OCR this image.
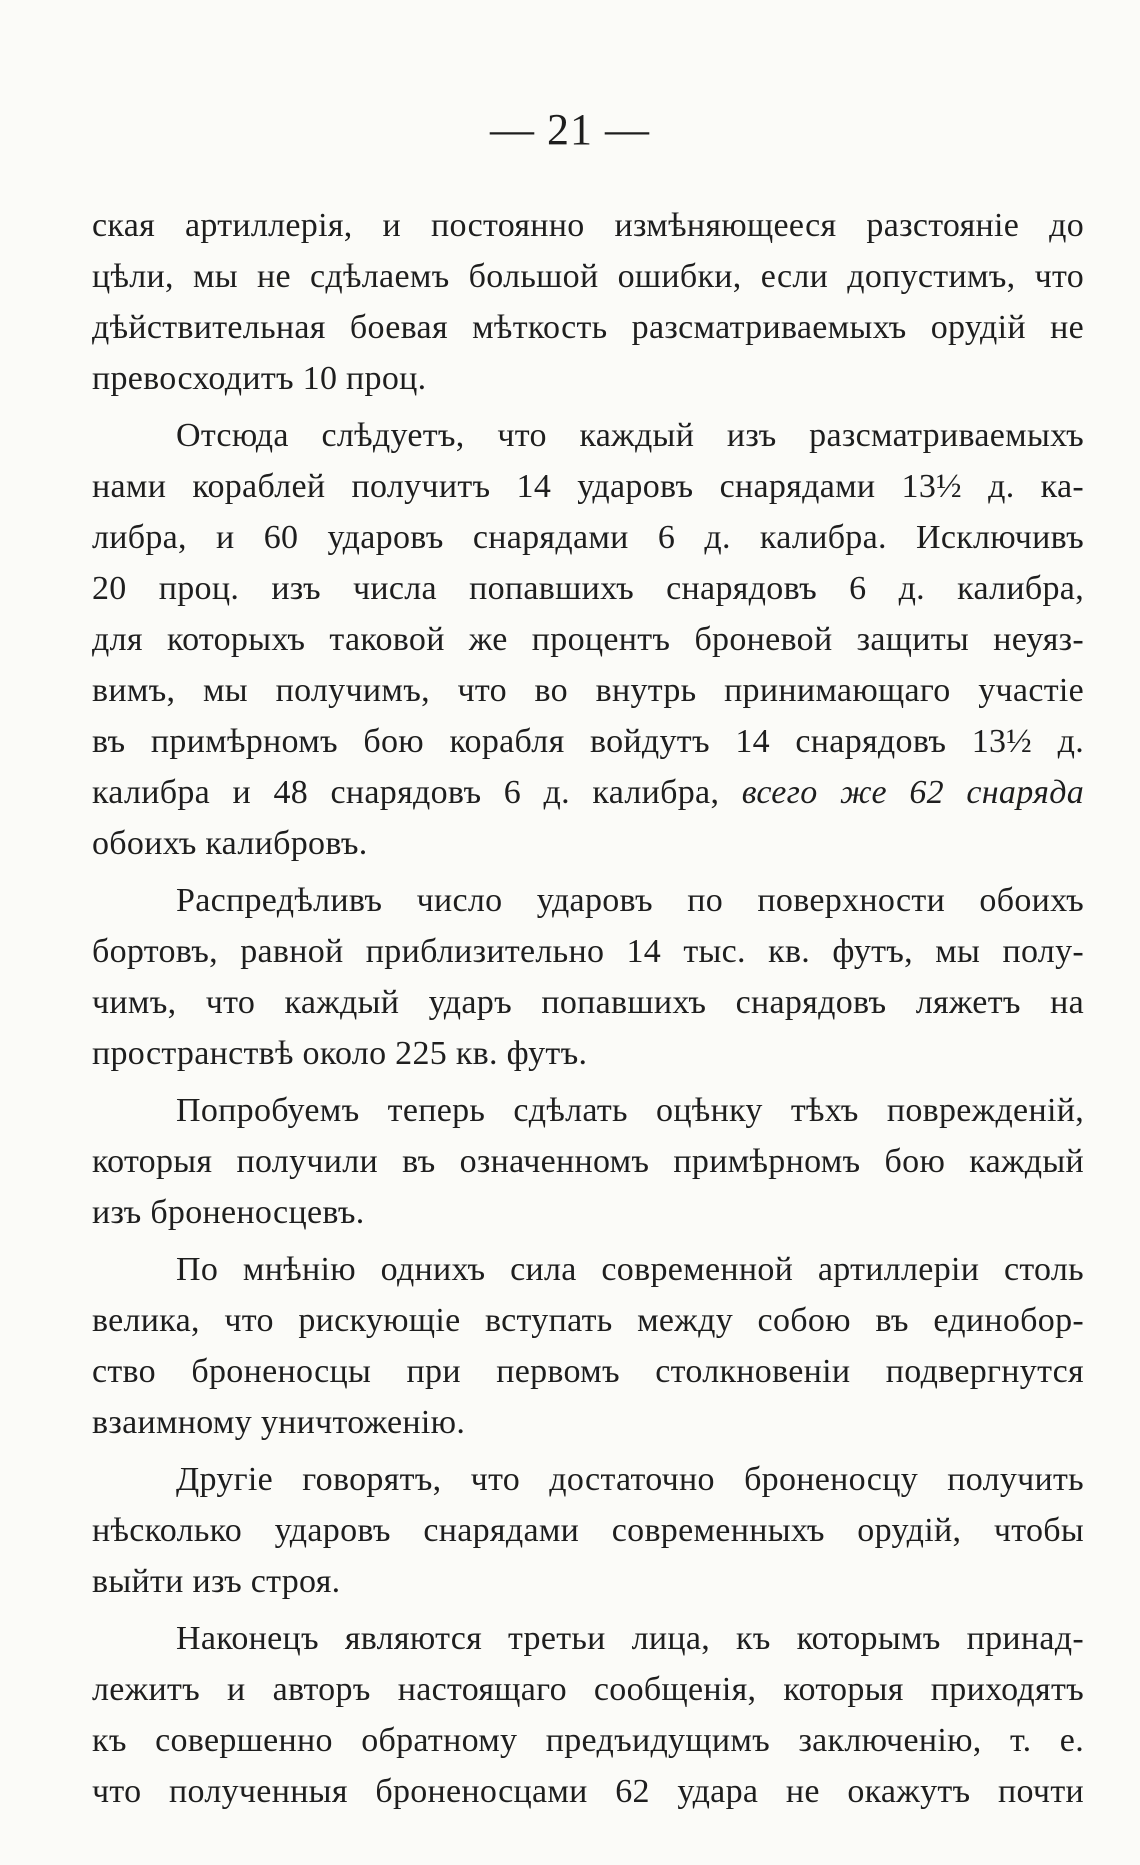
— 21 —
ская артиллерія, и постоянно измѣняющееся разстояніе до
цѣли, мы не сдѣлаемъ большой ошибки, если допустимъ, что
дѣйствительная боевая мѣткость разсматриваемыхъ орудій не
превосходитъ 10 проц.
Отсюда слѣдуетъ, что каждый изъ разсматриваемыхъ
нами кораблей получитъ 14 ударовъ снарядами 13½ д. ка-
либра, и 60 ударовъ снарядами 6 д. калибра. Исключивъ
20 проц. изъ числа попавшихъ снарядовъ 6 д. калибра,
для которыхъ таковой же процентъ броневой защиты неуяз-
вимъ, мы получимъ, что во внутрь принимающаго участіе
въ примѣрномъ бою корабля войдутъ 14 снарядовъ 13½ д.
калибра и 48 снарядовъ 6 д. калибра, всего же 62 снаряда
обоихъ калибровъ.
Распредѣливъ число ударовъ по поверхности обоихъ
бортовъ, равной приблизительно 14 тыс. кв. футъ, мы полу-
чимъ, что каждый ударъ попавшихъ снарядовъ ляжетъ на
пространствѣ около 225 кв. футъ.
Попробуемъ теперь сдѣлать оцѣнку тѣхъ поврежденій,
которыя получили въ означенномъ примѣрномъ бою каждый
изъ броненосцевъ.
По мнѣнію однихъ сила современной артиллеріи столь
велика, что рискующіе вступать между собою въ единобор-
ство броненосцы при первомъ столкновеніи подвергнутся
взаимному уничтоженію.
Другіе говорятъ, что достаточно броненосцу получить
нѣсколько ударовъ снарядами современныхъ орудій, чтобы
выйти изъ строя.
Наконецъ являются третьи лица, къ которымъ принад-
лежитъ и авторъ настоящаго сообщенія, которыя приходятъ
къ совершенно обратному предъидущимъ заключенію, т. е.
что полученныя броненосцами 62 удара не окажутъ почти
